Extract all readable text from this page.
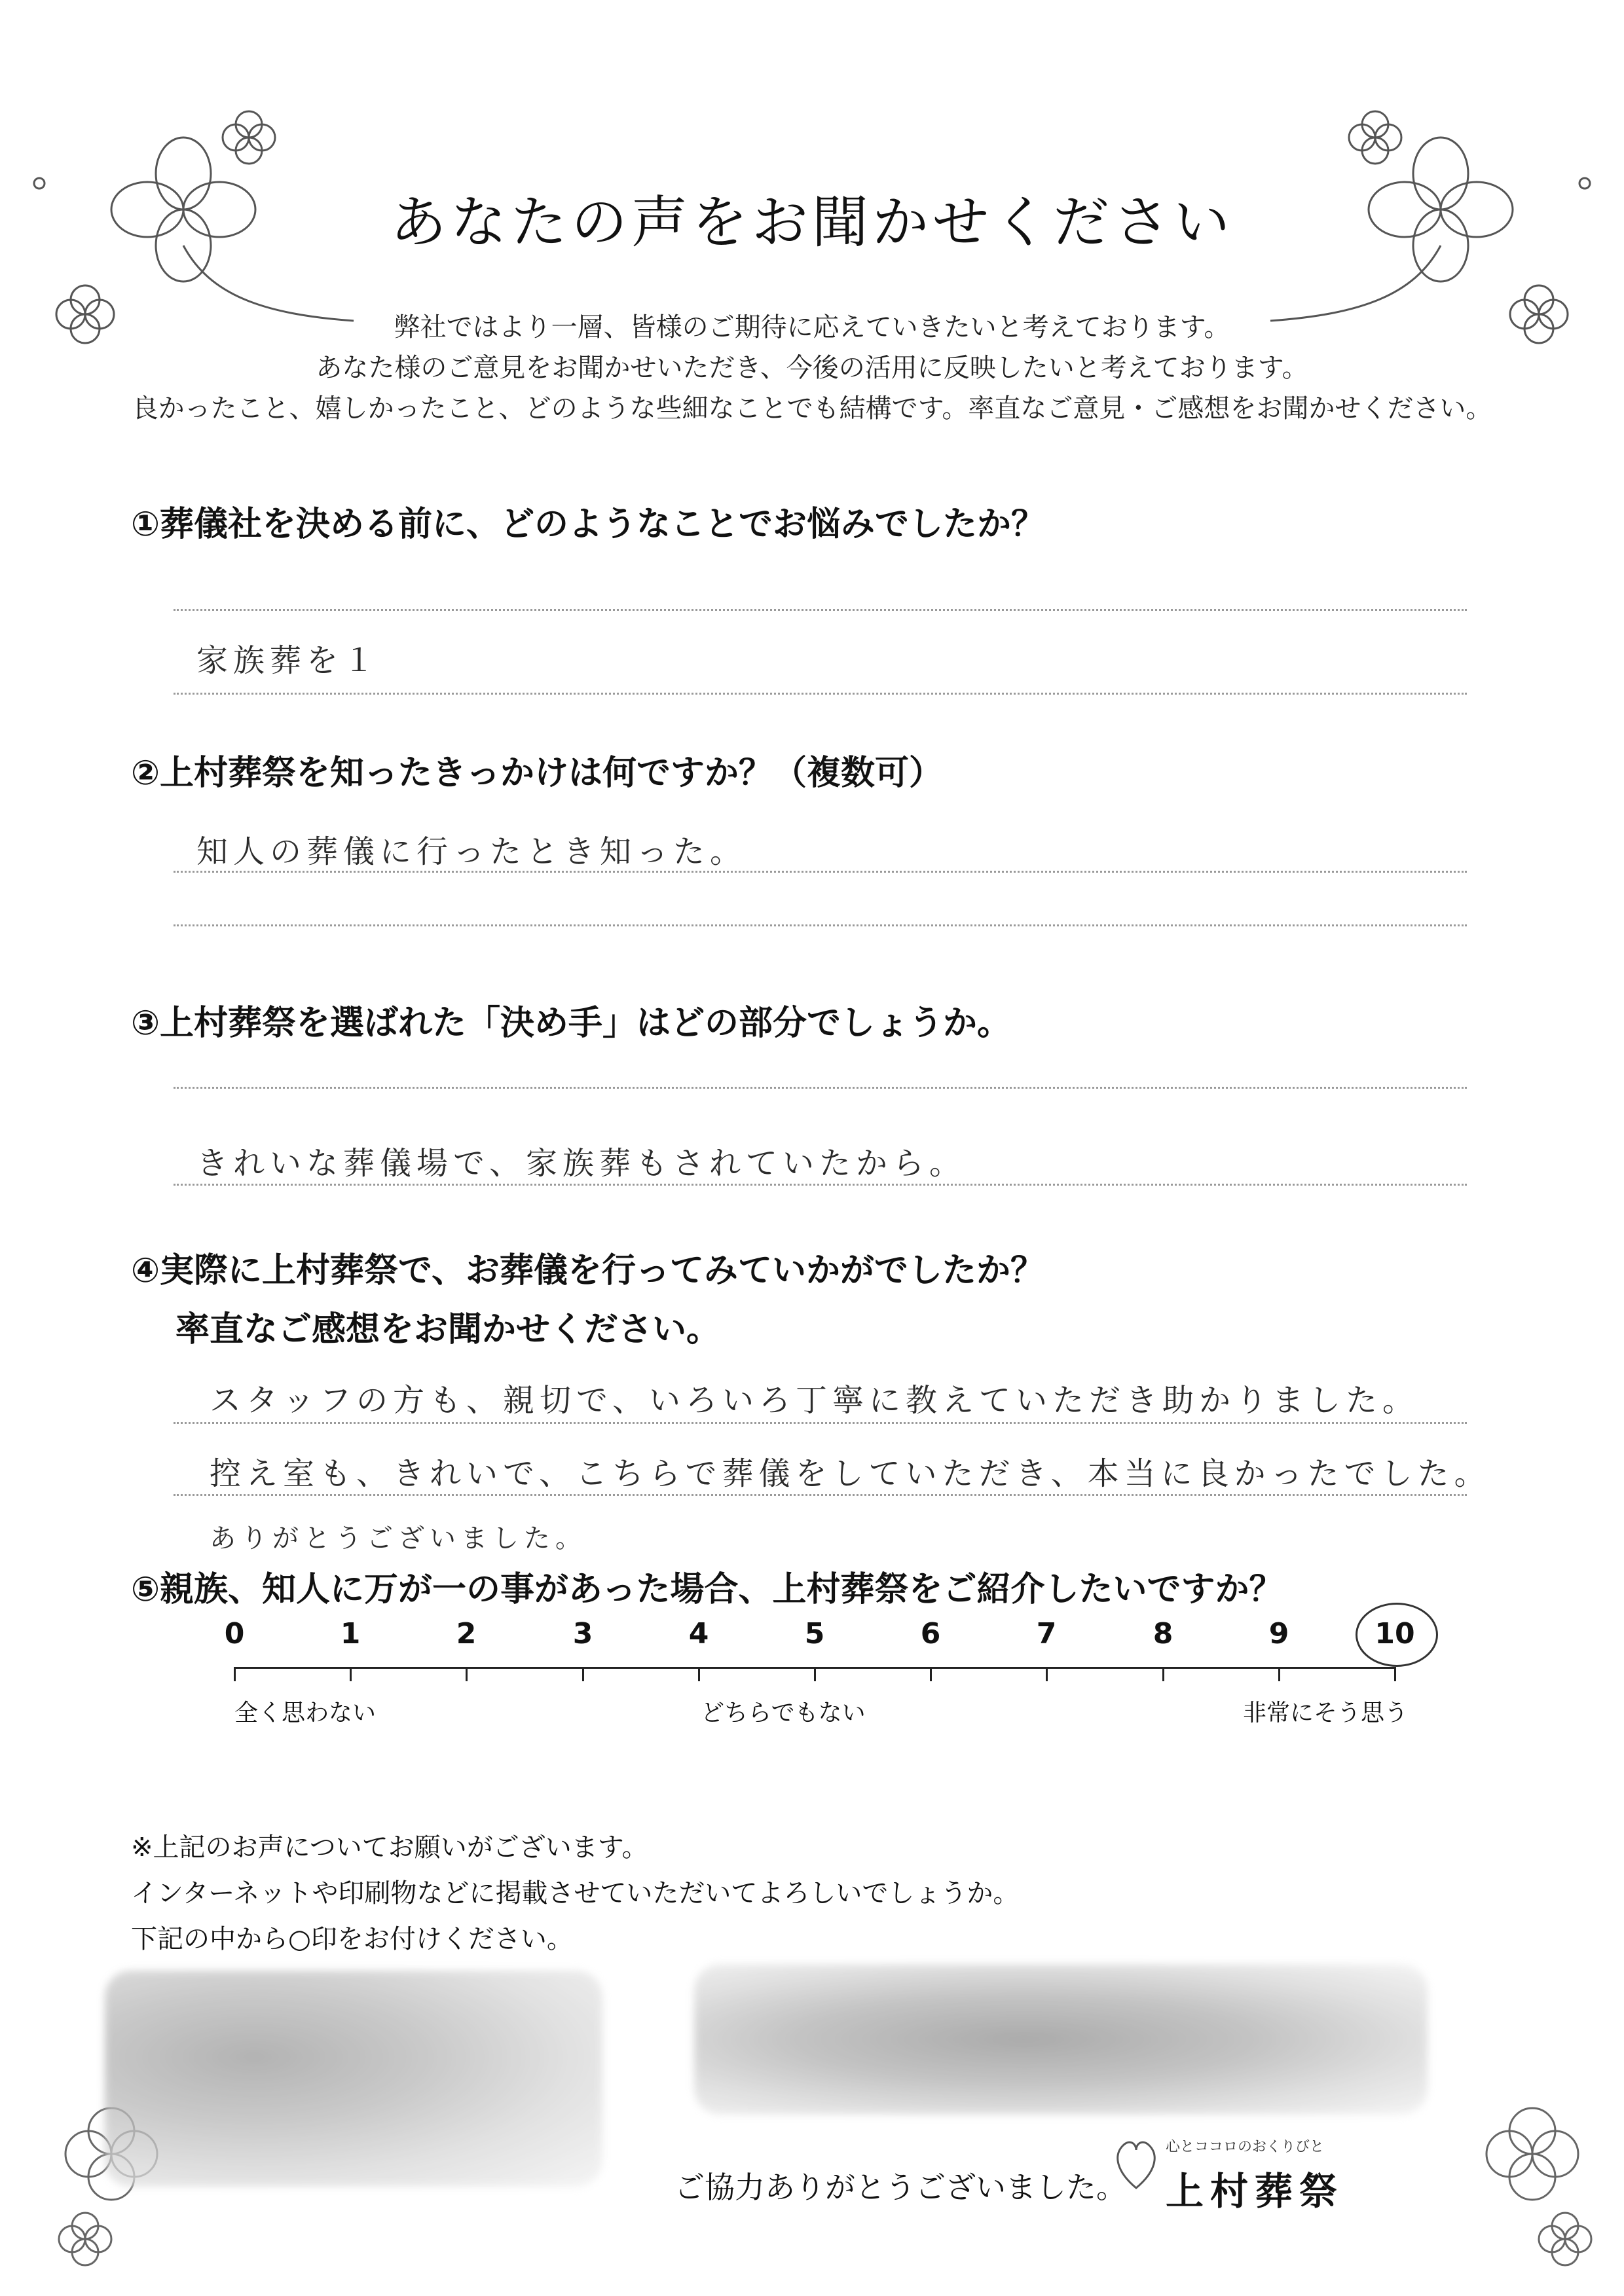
あなたの声をお聞かせください
弊社ではより一層、皆様のご期待に応えていきたいと考えております。
あなた様のご意見をお聞かせいただき、今後の活用に反映したいと考えております。
良かったこと、嬉しかったこと、どのような些細なことでも結構です。率直なご意見・ご感想をお聞かせください。
①葬儀社を決める前に、どのようなことでお悩みでしたか？
家族葬を１
②上村葬祭を知ったきっかけは何ですか？（複数可）
知人の葬儀に行ったとき知った。
③上村葬祭を選ばれた「決め手」はどの部分でしょうか。
きれいな葬儀場で、家族葬もされていたから。
④実際に上村葬祭で、お葬儀を行ってみていかがでしたか？
率直なご感想をお聞かせください。
スタッフの方も、親切で、いろいろ丁寧に教えていただき助かりました。
控え室も、きれいで、こちらで葬儀をしていただき、本当に良かったでした。
ありがとうございました。
⑤親族、知人に万が一の事があった場合、上村葬祭をご紹介したいですか？
0	1	2	3	4	5	6	7	8	9	10
全く思わない	どちらでもない	非常にそう思う
※上記のお声についてお願いがございます。
インターネットや印刷物などに掲載させていただいてよろしいでしょうか。
下記の中から○印をお付けください。
ご協力ありがとうございました。
心とココロのおくりびと
上村葬祭
